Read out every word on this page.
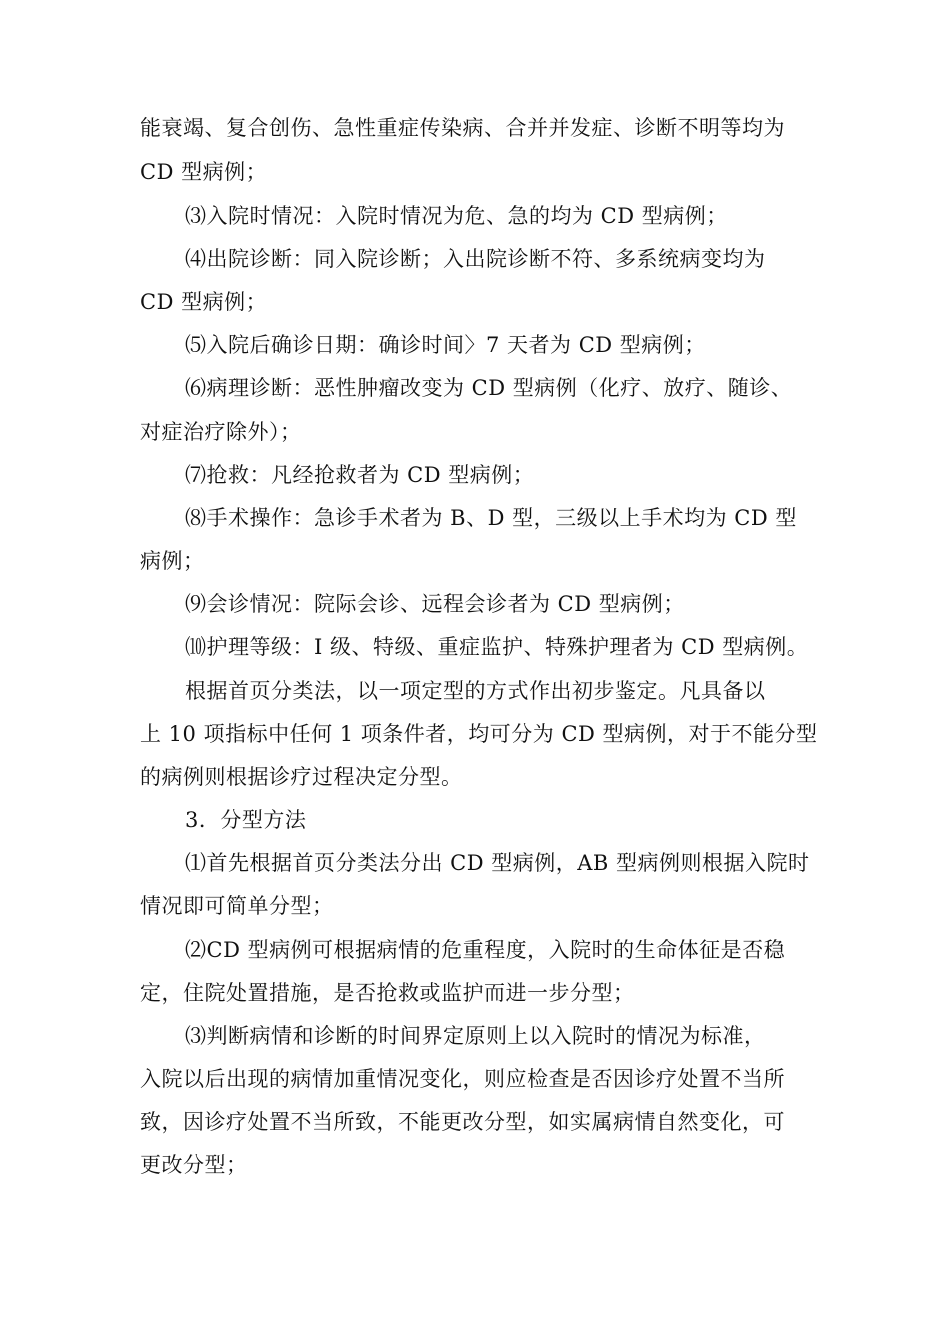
能衰竭、复合创伤、急性重症传染病、合并并发症、诊断不明等均为
CD 型病例；
⑶入院时情况：入院时情况为危、急的均为 CD 型病例；
⑷出院诊断：同入院诊断；入出院诊断不符、多系统病变均为
CD 型病例；
⑸入院后确诊日期：确诊时间〉7 天者为 CD 型病例；
⑹病理诊断：恶性肿瘤改变为 CD 型病例（化疗、放疗、随诊、
对症治疗除外）；
⑺抢救：凡经抢救者为 CD 型病例；
⑻手术操作：急诊手术者为 B、D 型，三级以上手术均为 CD 型
病例；
⑼会诊情况：院际会诊、远程会诊者为 CD 型病例；
⑽护理等级：I 级、特级、重症监护、特殊护理者为 CD 型病例。
根据首页分类法，以一项定型的方式作出初步鉴定。凡具备以
上 10 项指标中任何 1 项条件者，均可分为 CD 型病例，对于不能分型
的病例则根据诊疗过程决定分型。
3．分型方法
⑴首先根据首页分类法分出 CD 型病例，AB 型病例则根据入院时
情况即可简单分型；
⑵CD 型病例可根据病情的危重程度，入院时的生命体征是否稳
定，住院处置措施，是否抢救或监护而进一步分型；
⑶判断病情和诊断的时间界定原则上以入院时的情况为标准，
入院以后出现的病情加重情况变化，则应检查是否因诊疗处置不当所
致，因诊疗处置不当所致，不能更改分型，如实属病情自然变化，可
更改分型；
